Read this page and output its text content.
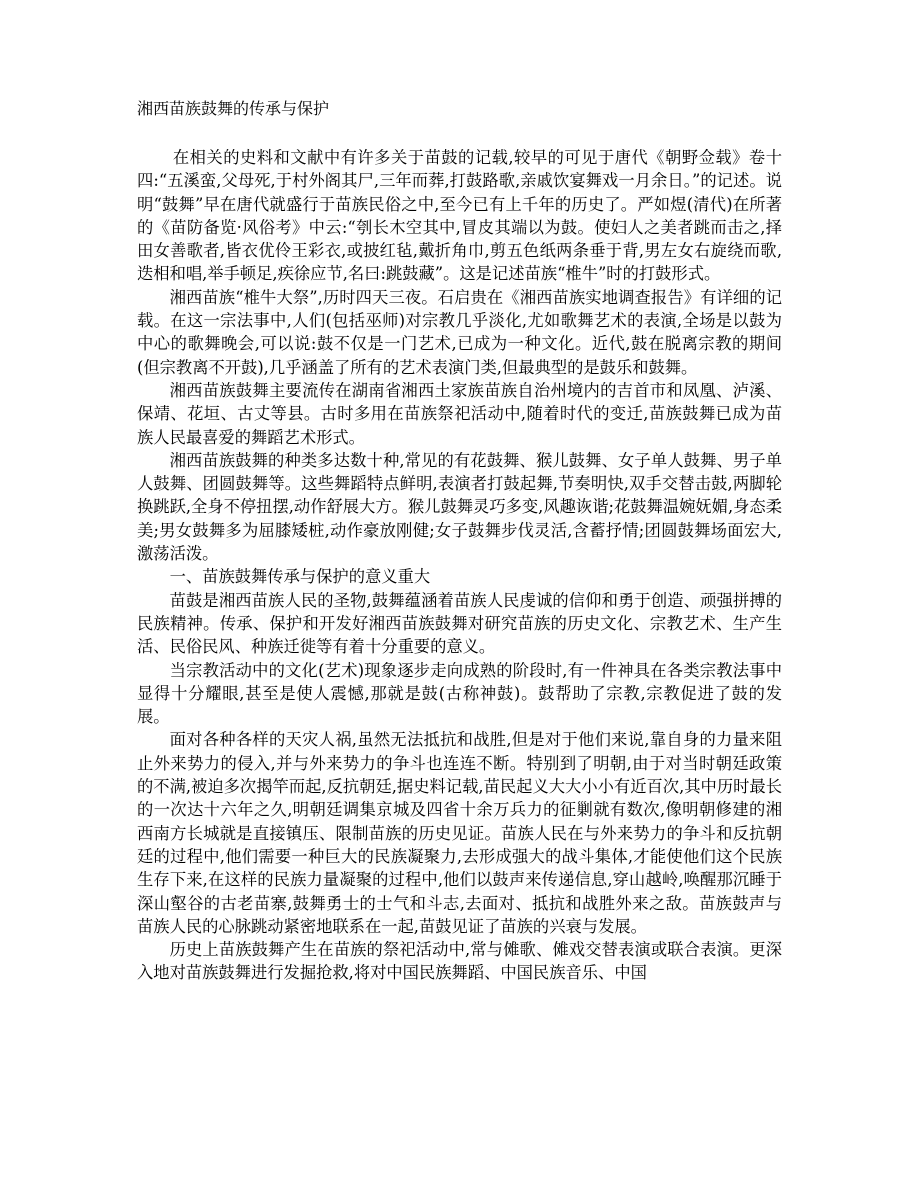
湘西苗族鼓舞的传承与保护

在相关的史料和文献中有许多关于苗鼓的记载,较早的可见于唐代《朝野佥载》卷十四:“五溪蛮,父母死,于村外阁其尸,三年而葬,打鼓路歌,亲戚饮宴舞戏一月余日。”的记述。说明“鼓舞”早在唐代就盛行于苗族民俗之中,至今已有上千年的历史了。严如煜(清代)在所著的《苗防备览·风俗考》中云:“刳长木空其中,冒皮其端以为鼓。使妇人之美者跳而击之,择田女善歌者,皆衣优伶王彩衣,或披红毡,戴折角巾,剪五色纸两条垂于背,男左女右旋绕而歌,迭相和唱,举手顿足,疾徐应节,名曰:跳鼓藏”。这是记述苗族“椎牛”时的打鼓形式。

湘西苗族“椎牛大祭”,历时四天三夜。石启贵在《湘西苗族实地调查报告》有详细的记载。在这一宗法事中,人们(包括巫师)对宗教几乎淡化,尤如歌舞艺术的表演,全场是以鼓为中心的歌舞晚会,可以说:鼓不仅是一门艺术,已成为一种文化。近代,鼓在脱离宗教的期间(但宗教离不开鼓),几乎涵盖了所有的艺术表演门类,但最典型的是鼓乐和鼓舞。

湘西苗族鼓舞主要流传在湖南省湘西土家族苗族自治州境内的吉首市和凤凰、泸溪、保靖、花垣、古丈等县。古时多用在苗族祭祀活动中,随着时代的变迁,苗族鼓舞已成为苗族人民最喜爱的舞蹈艺术形式。

湘西苗族鼓舞的种类多达数十种,常见的有花鼓舞、猴儿鼓舞、女子单人鼓舞、男子单人鼓舞、团圆鼓舞等。这些舞蹈特点鲜明,表演者打鼓起舞,节奏明快,双手交替击鼓,两脚轮换跳跃,全身不停扭摆,动作舒展大方。猴儿鼓舞灵巧多变,风趣诙谐;花鼓舞温婉妩媚,身态柔美;男女鼓舞多为屈膝矮桩,动作豪放刚健;女子鼓舞步伐灵活,含蓄抒情;团圆鼓舞场面宏大,激荡活泼。

一、苗族鼓舞传承与保护的意义重大

苗鼓是湘西苗族人民的圣物,鼓舞蕴涵着苗族人民虔诚的信仰和勇于创造、顽强拼搏的民族精神。传承、保护和开发好湘西苗族鼓舞对研究苗族的历史文化、宗教艺术、生产生活、民俗民风、种族迁徙等有着十分重要的意义。

当宗教活动中的文化(艺术)现象逐步走向成熟的阶段时,有一件神具在各类宗教法事中显得十分耀眼,甚至是使人震憾,那就是鼓(古称神鼓)。鼓帮助了宗教,宗教促进了鼓的发展。

面对各种各样的天灾人祸,虽然无法抵抗和战胜,但是对于他们来说,靠自身的力量来阻止外来势力的侵入,并与外来势力的争斗也连连不断。特别到了明朝,由于对当时朝廷政策的不满,被迫多次揭竿而起,反抗朝廷,据史料记载,苗民起义大大小小有近百次,其中历时最长的一次达十六年之久,明朝廷调集京城及四省十余万兵力的征剿就有数次,像明朝修建的湘西南方长城就是直接镇压、限制苗族的历史见证。苗族人民在与外来势力的争斗和反抗朝廷的过程中,他们需要一种巨大的民族凝聚力,去形成强大的战斗集体,才能使他们这个民族生存下来,在这样的民族力量凝聚的过程中,他们以鼓声来传递信息,穿山越岭,唤醒那沉睡于深山壑谷的古老苗寨,鼓舞勇士的士气和斗志,去面对、抵抗和战胜外来之敌。苗族鼓声与苗族人民的心脉跳动紧密地联系在一起,苗鼓见证了苗族的兴衰与发展。

历史上苗族鼓舞产生在苗族的祭祀活动中,常与傩歌、傩戏交替表演或联合表演。更深入地对苗族鼓舞进行发掘抢救,将对中国民族舞蹈、中国民族音乐、中国
